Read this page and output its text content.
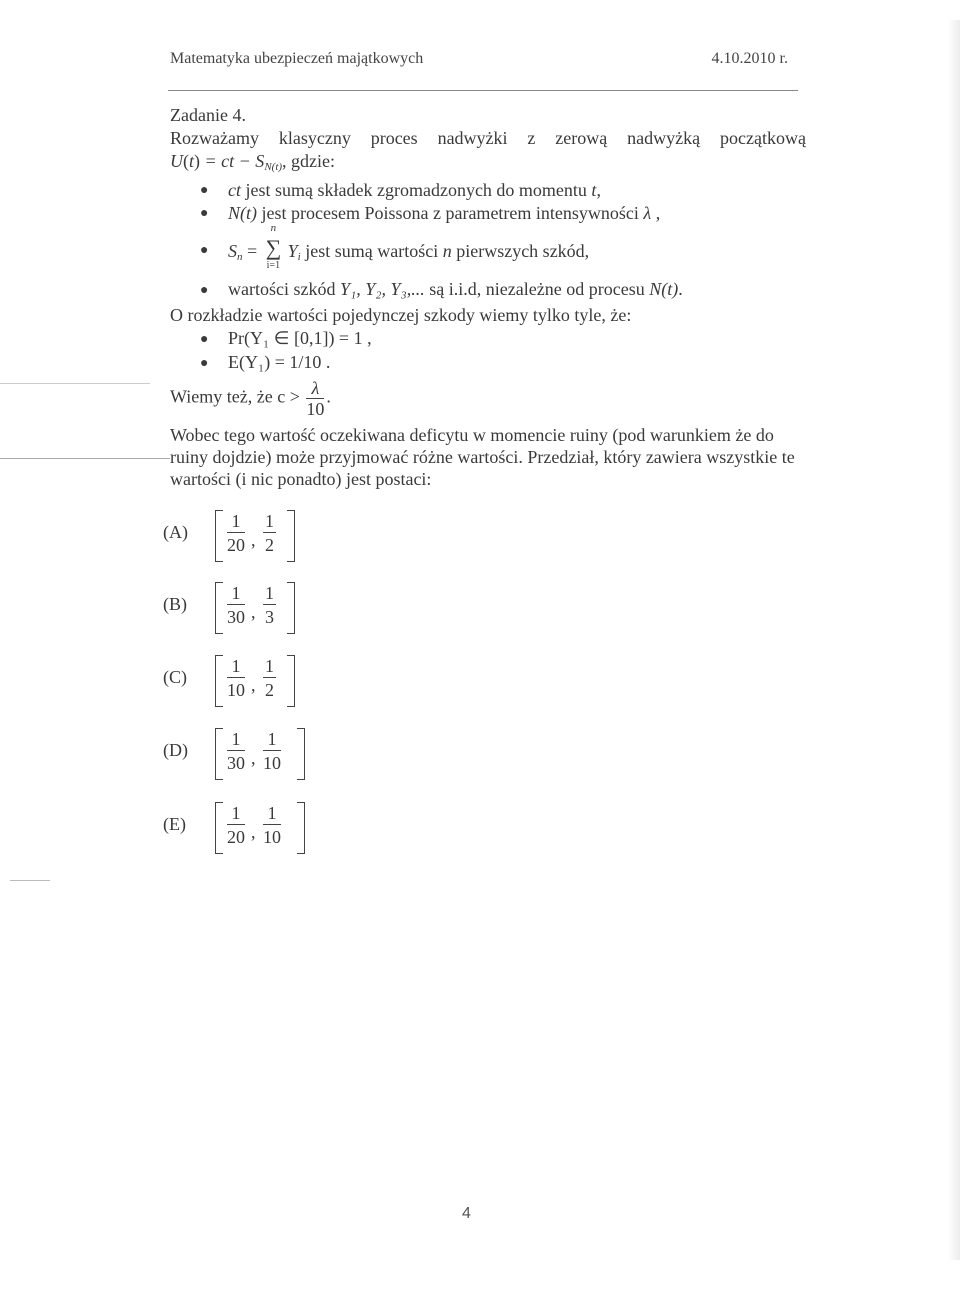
Matematyka ubezpieczeń majątkowych	4.10.2010 r.
Zadanie 4.
Rozważamy klasyczny proces nadwyżki z zerową nadwyżką początkową
U(t) = ct − $S_{N(t)}$, gdzie:
● ct jest sumą składek zgromadzonych do momentu t,
● N(t) jest procesem Poissona z parametrem intensywności λ ,
● $S_n$ =
n
∑
i=1
$Y_i$ jest sumą wartości n pierwszych szkód,
● wartości szkód Y₁, Y₂, Y₃,... są i.i.d, niezależne od procesu N(t).
O rozkładzie wartości pojedynczej szkody wiemy tylko tyle, że:
● Pr(Y₁ ∈ [0,1]) = 1 ,
● E(Y₁) = 1/10 .
Wiemy też, że $c > \frac{\lambda}{10}$ .
Wobec tego wartość oczekiwana deficytu w momencie ruiny (pod warunkiem że do
ruiny dojdzie) może przyjmować różne wartości. Przedział, który zawiera wszystkie te
wartości (i nic ponadto) jest postaci:
$(A) \frac{1}{20}$ , $\frac{1}{2}$
$(B) \frac{1}{30}$ , $\frac{1}{3}$
$(C) \frac{1}{10}$ , $\frac{1}{2}$
$(D) \frac{1}{30}$ , $\frac{1}{10}$
$(E) \frac{1}{20}$ , $\frac{1}{10}$
4
